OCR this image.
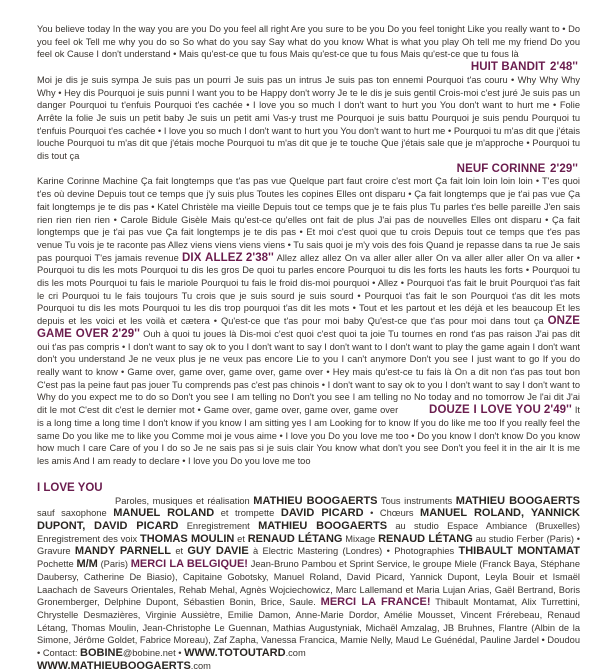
You believe today In the way you are you Do you feel all right Are you sure to be you Do you feel tonight Like you really want to • Do you feel ok Tell me why you do so So what do you say Say what do you know What is what you play Oh tell me my friend Do you feel ok Cause I don't understand • Mais qu'est-ce que tu fous Mais qu'est-ce que tu fous Mais qu'est-ce que tu fous là
HUIT BANDIT 2'48''
Moi je dis je suis sympa Je suis pas un pourri Je suis pas un intrus Je suis pas ton ennemi Pourquoi t'as couru • Why Why Why Why • Hey dis Pourquoi je suis punni I want you to be Happy don't worry Je te le dis je suis gentil Crois-moi c'est juré Je suis pas un danger Pourquoi tu t'enfuis Pourquoi t'es cachée • I love you so much I don't want to hurt you You don't want to hurt me • Folie Arrête la folie Je suis un petit baby Je suis un petit ami Vas-y trust me Pourquoi je suis battu Pourquoi je suis pendu Pourquoi tu t'enfuis Pourquoi t'es cachée • I love you so much I don't want to hurt you You don't want to hurt me • Pourquoi tu m'as dit que j'étais louche Pourquoi tu m'as dit que j'étais moche Pourquoi tu m'as dit que je te touche Que j'étais sale que je m'approche • Pourquoi tu dis tout ça
NEUF CORINNE 2'29''
Karine Corinne Machine Ça fait longtemps que t'as pas vue Quelque part faut croire c'est mort Ça fait loin loin loin loin • T'es quoi t'es où devine Depuis tout ce temps que j'y suis plus Toutes les copines Elles ont disparu • Ça fait longtemps que je t'ai pas vue Ça fait longtemps je te dis pas • Katel Christèle ma vieille Depuis tout ce temps que je te fais plus Tu parles t'es belle pareille J'en sais rien rien rien rien • Carole Bidule Gisèle Mais qu'est-ce qu'elles ont fait de plus J'ai pas de nouvelles Elles ont disparu • Ça fait longtemps que je t'ai pas vue Ça fait longtemps je te dis pas • Et moi c'est quoi que tu crois Depuis tout ce temps que t'es pas venue Tu vois je te raconte pas Allez viens viens viens viens • Tu sais quoi je m'y vois des fois Quand je repasse dans ta rue Je sais pas pourquoi T'es jamais revenue DIX ALLEZ 2'38'' Allez allez allez On va aller aller aller On va aller aller aller On va aller • Pourquoi tu dis les mots Pourquoi tu dis les gros De quoi tu parles encore Pourquoi tu dis les forts les hauts les forts • Pourquoi tu dis les mots Pourquoi tu fais le mariole Pourquoi tu fais le froid dis-moi pourquoi • Allez • Pourquoi t'as fait le bruit Pourquoi t'as fait le cri Pourquoi tu le fais toujours Tu crois que je suis sourd je suis sourd • Pourquoi t'as fait le son Pourquoi t'as dit les mots Pourquoi tu dis les mots Pourquoi tu les dis trop pourquoi t'as dit les mots • Tout et les partout et les déjà et les beaucoup Et les depuis et les voici et les voilà et cætera • Qu'est-ce que t'as pour moi baby Qu'est-ce que t'as pour moi dans tout ça ONZE GAME OVER 2'29'' Ouh à quoi tu joues là Dis-moi c'est quoi c'est quoi ta joie Tu tournes en rond t'as pas raison J'ai pas dit oui t'as pas compris • I don't want to say ok to you I don't want to say I don't want to I don't want to play the game again I don't want don't you understand Je ne veux plus je ne veux pas encore Lie to you I can't anymore Don't you see I just want to go If you do really want to know • Game over, game over, game over, game over • Hey mais qu'est-ce tu fais là On a dit non t'as pas tout bon C'est pas la peine faut pas jouer Tu comprends pas c'est pas chinois • I don't want to say ok to you I don't want to say I don't want to Why do you expect me to do so Don't you see I am telling no Don't you see I am telling no No today and no tomorrow Je l'ai dit J'ai dit le mot C'est dit c'est le dernier mot • Game over, game over, game over, game over    	DOUZE I LOVE YOU 2'49'' It is a long time a long time I don't know if you know I am sitting yes I am Looking for to know If you do like me too If you really feel the same Do you like me to like you Comme moi je vous aime • I love you Do you love me too • Do you know I don't know Do you know how much I care Care of you I do so Je ne sais pas si je suis clair You know what don't you see Don't you feel it in the air It is me les amis And I am ready to declare • I love you Do you love me too
I LOVE YOU
Paroles, musiques et réalisation MATHIEU BOOGAERTS Tous instruments MATHIEU BOOGAERTS sauf saxophone MANUEL ROLAND et trompette DAVID PICARD • Chœurs MANUEL ROLAND, YANNICK DUPONT, DAVID PICARD Enregistrement MATHIEU BOOGAERTS au studio Espace Ambiance (Bruxelles) Enregistrement des voix THOMAS MOULIN et RENAUD LÉTANG Mixage RENAUD LÉTANG au studio Ferber (Paris) • Gravure MANDY PARNELL et GUY DAVIE à Electric Mastering (Londres) • Photographies THIBAULT MONTAMAT Pochette M/M (Paris) MERCI LA BELGIQUE! Jean-Bruno Pambou et Sprint Service, le groupe Miele (Franck Baya, Stéphane Daubersy, Catherine De Biasio), Capitaine Gobotsky, Manuel Roland, David Picard, Yannick Dupont, Leyla Bouir et Ismaël Laachach de Saveurs Orientales, Rehab Mehal, Agnès Wojciechowicz, Marc Lallemand et Maria Lujan Arias, Gaël Bertrand, Boris Gronemberger, Delphine Dupont, Sébastien Bonin, Brice, Saule. MERCI LA FRANCE! Thibault Montamat, Alix Turrettini, Chrystelle Desmazières, Virginie Aussiètre, Emilie Damon, Anne-Marie Dordor, Amélie Mousset, Vincent Frérebeau, Renaud Létang, Thomas Moulin, Jean-Christophe Le Guennan, Mathias Augustyniak, Michaël Amzalag, JB Bruhnes, Flantre (Albin de la Simone, Jérôme Goldet, Fabrice Moreau), Zaf Zapha, Vanessa Francica, Mamie Nelly, Maud Le Guénédal, Pauline Jardel • Doudou • Contact: BOBINE@bobine.net • WWW.TOTOUTARD.com
WWW.MATHIEUBOOGAERTS.com
